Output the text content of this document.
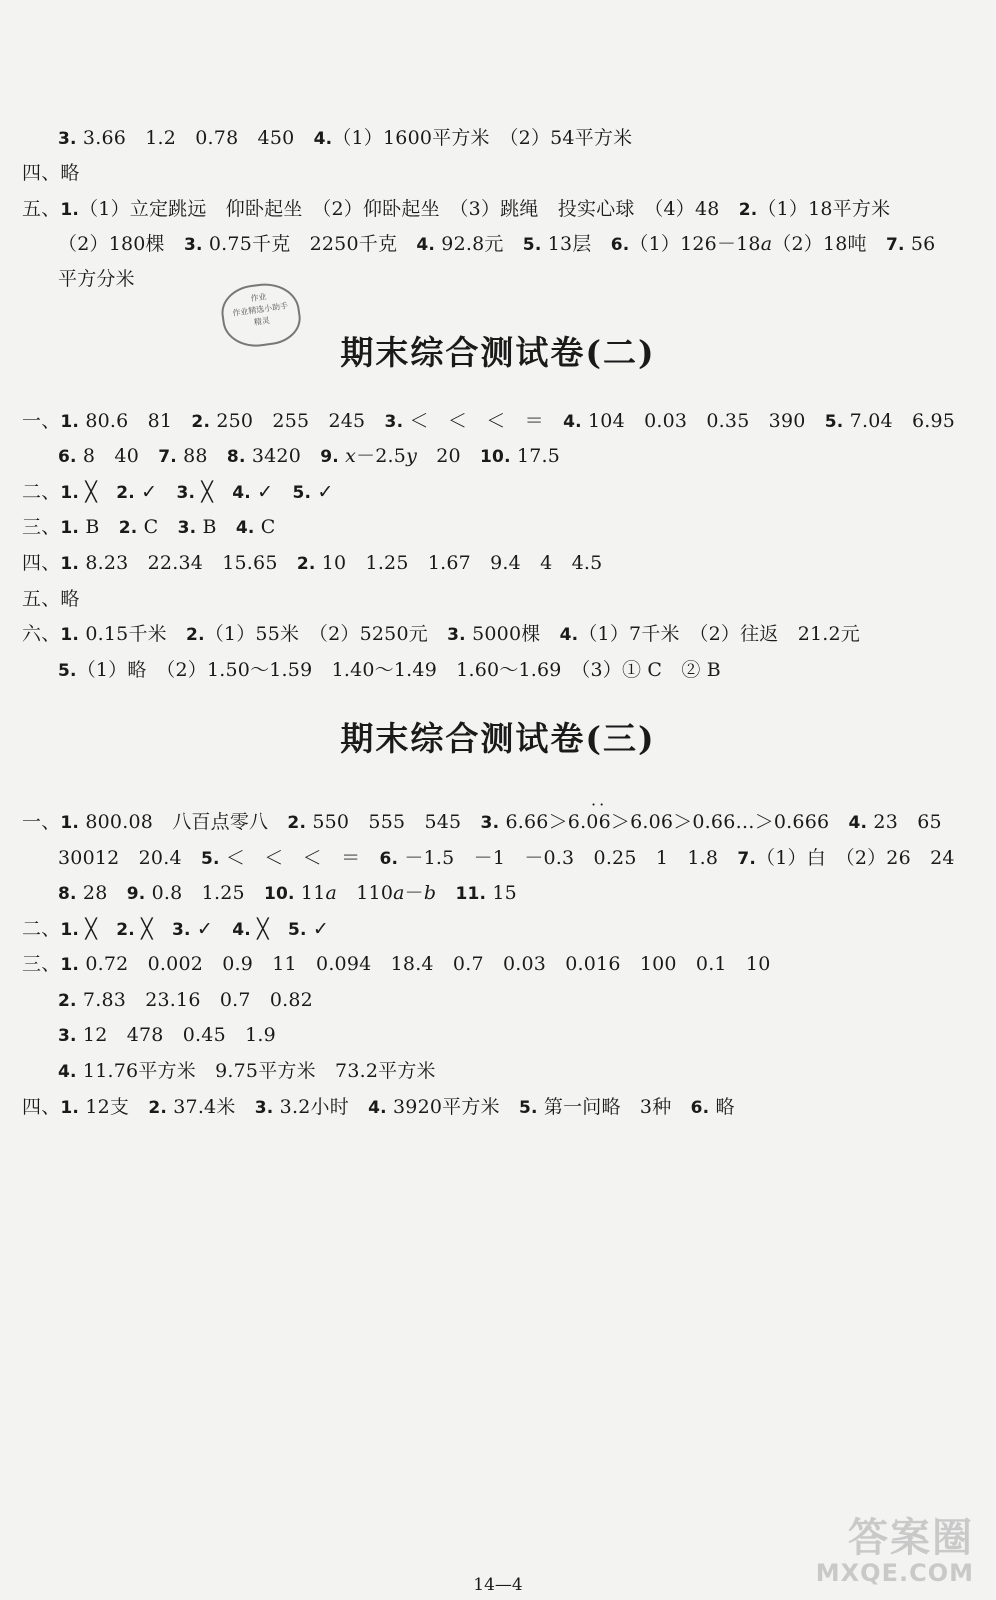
3. 3.66　1.2　0.78　450　4.（1）1600平方米　（2）54平方米
四、略
五、1.（1）立定跳远　仰卧起坐　（2）仰卧起坐　（3）跳绳　投实心球　（4）48　2.（1）18平方米
（2）180棵　3. 0.75千克　2250千克　4. 92.8元　5. 13层　6.（1）126－18a（2）18吨　7. 56
平方分米
作业
作业精选小助手
精灵
期末综合测试卷(二)
一、1. 80.6　81　2. 250　255　245　3. ＜　＜　＜　＝　4. 104　0.03　0.35　390　5. 7.04　6.95
6. 8　40　7. 88　8. 3420　9. x－2.5y　20　10. 17.5
二、1. ╳　2. ✓　3. ╳　4. ✓　5. ✓
三、1. B　2. C　3. B　4. C
四、1. 8.23　22.34　15.65　2. 10　1.25　1.67　9.4　4　4.5
五、略
六、1. 0.15千米　2.（1）55米　（2）5250元　3. 5000棵　4.（1）7千米　（2）往返　21.2元
5.（1）略　（2）1.50～1.59　1.40～1.49　1.60～1.69　（3）① C　② B
期末综合测试卷(三)
··
一、1. 800.08　八百点零八　2. 550　555　545　3. 6.66＞6.06＞6.06＞0.66…＞0.666　4. 23　65
30012　20.4　5. ＜　＜　＜　＝　6. －1.5　－1　－0.3　0.25　1　1.8　7.（1）白　（2）26　24
8. 28　9. 0.8　1.25　10. 11a　110a－b　 11. 15
二、1. ╳　2. ╳　3. ✓　4. ╳　5. ✓
三、1. 0.72　0.002　0.9　11　0.094　18.4　0.7　0.03　0.016　100　0.1　10
2. 7.83　23.16　0.7　0.82
3. 12　478　0.45　1.9
4. 11.76平方米　9.75平方米　73.2平方米
四、1. 12支　2. 37.4米　3. 3.2小时　4. 3920平方米　5. 第一问略　3种　6. 略
14—4
答案圈
MXQE.COM
